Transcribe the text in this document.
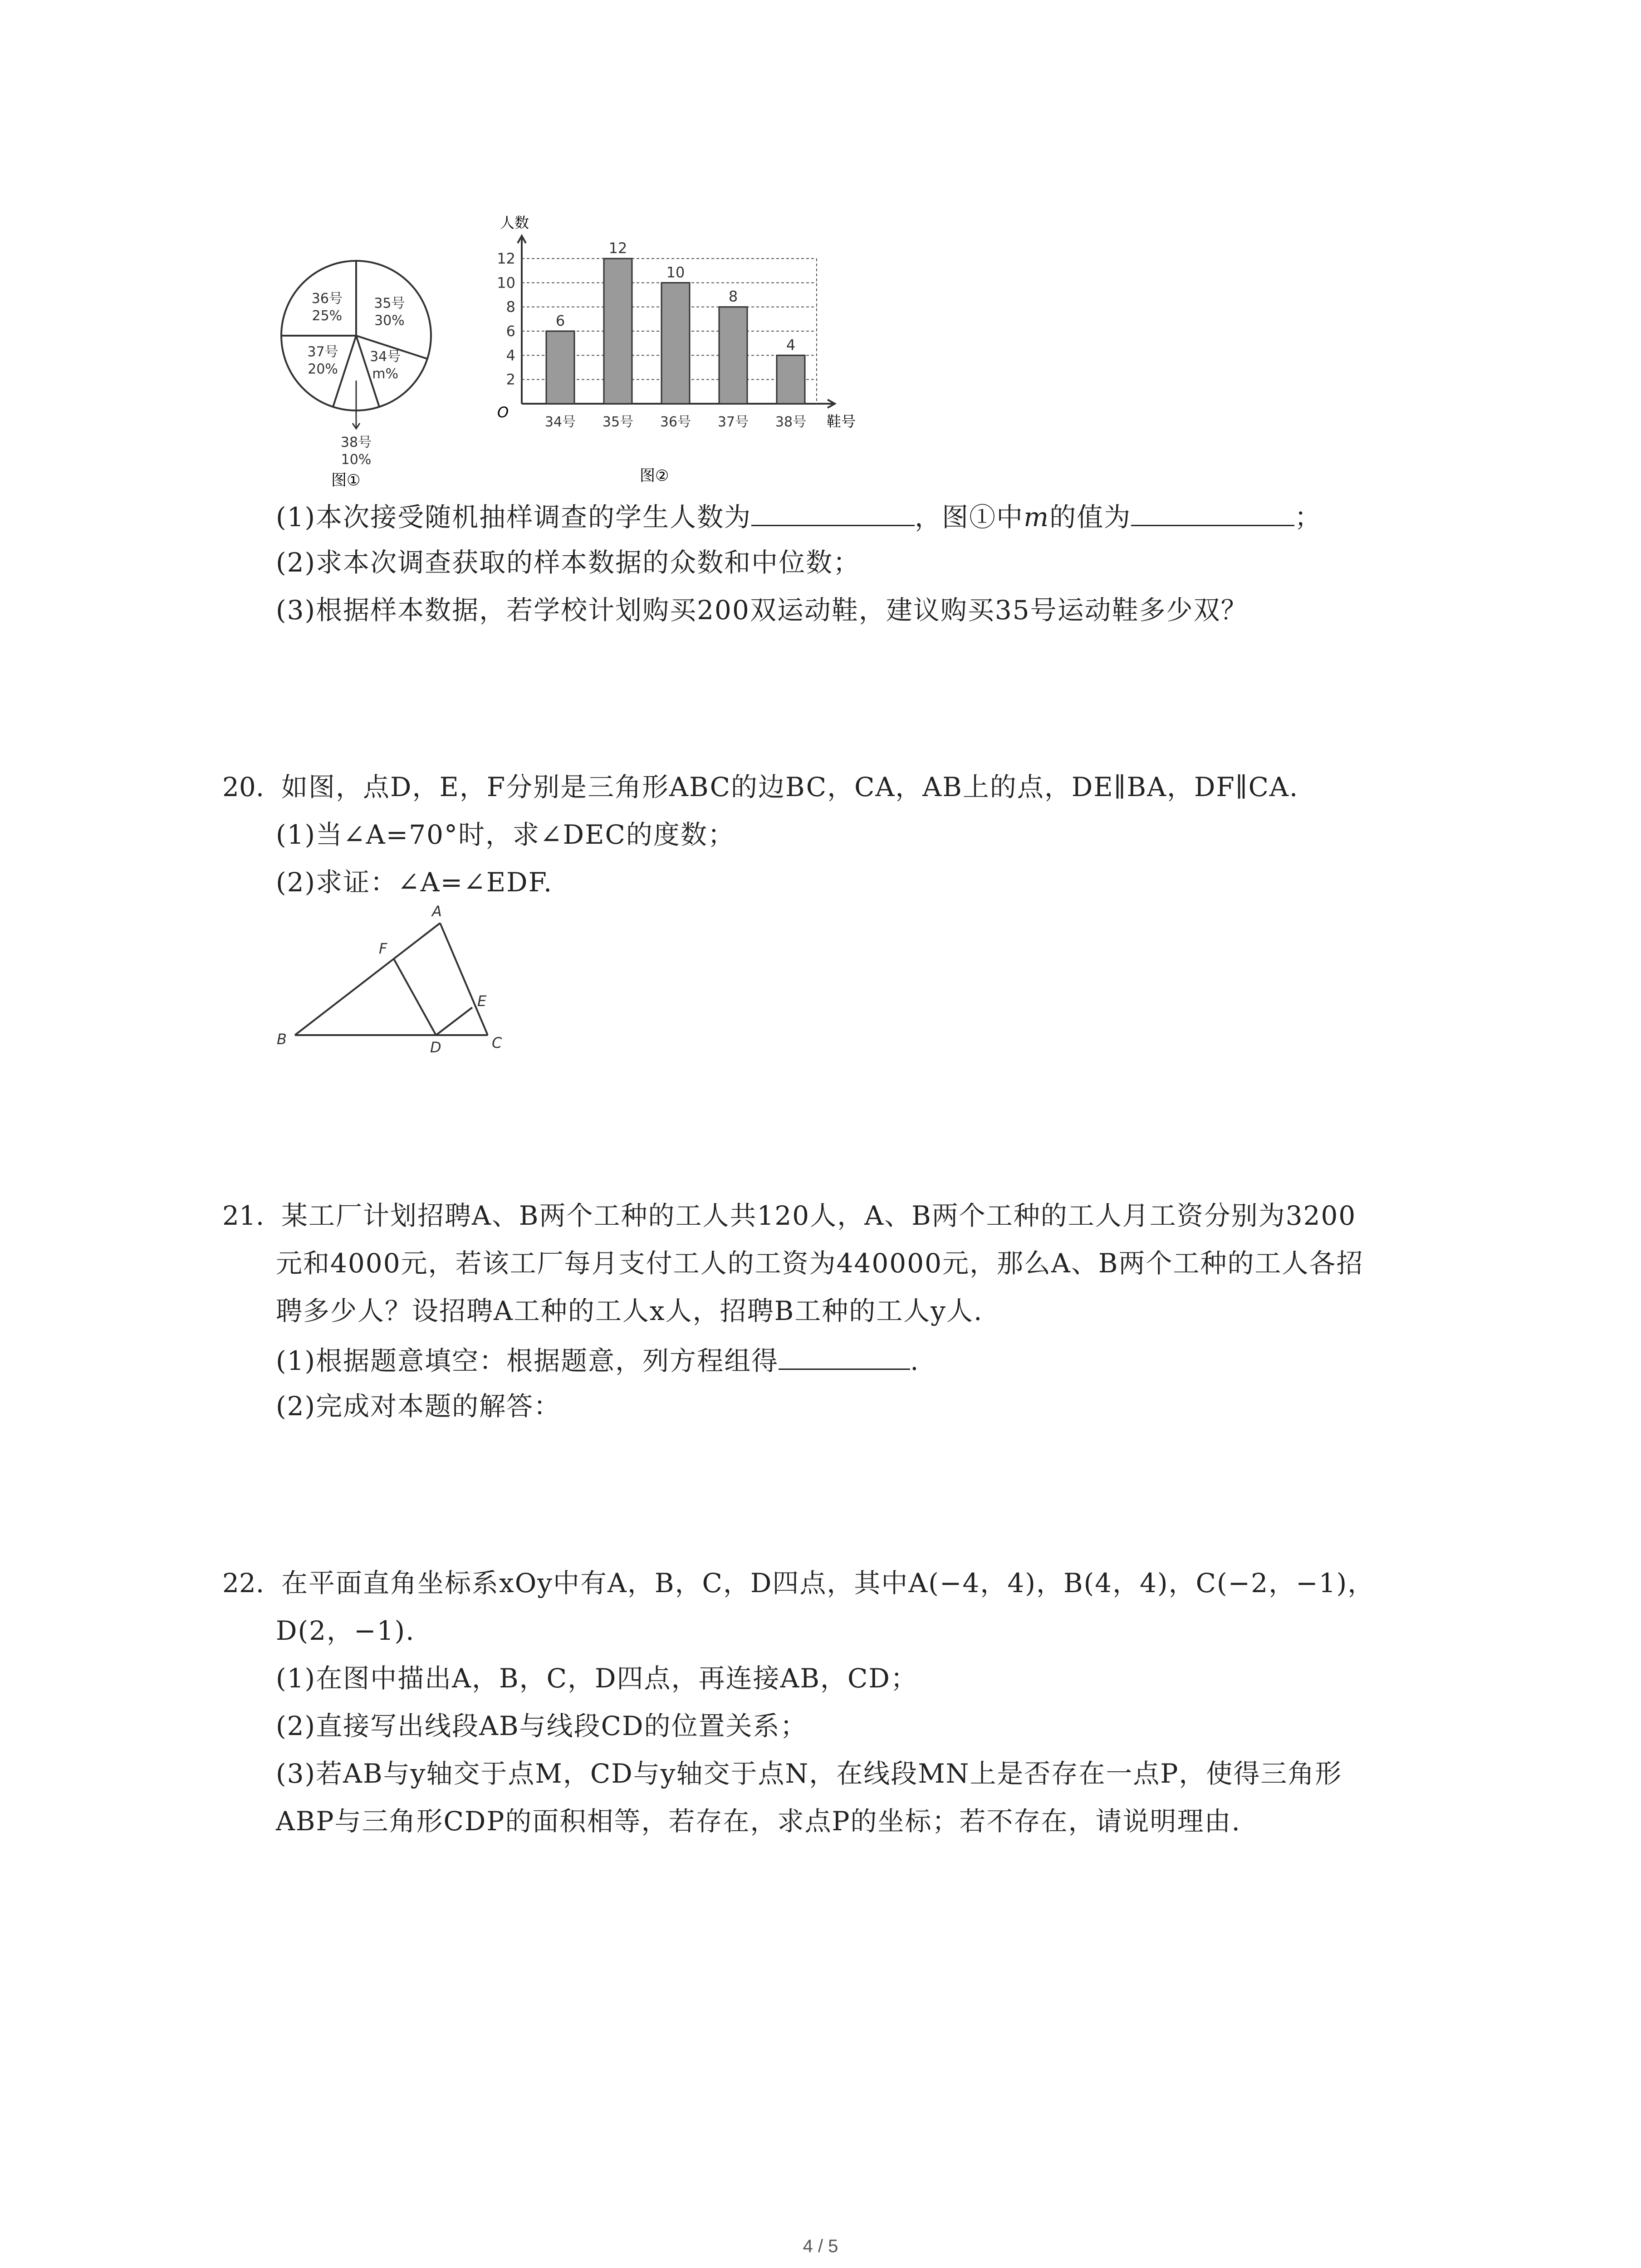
36号
25%
35号
30%
34号
m%
38号
10%
37号
20%
图①
2
4
6
8
10
12
6
34号
12
35号
10
36号
8
37号
4
38号
人数
鞋号
O
图②
(1)本次接受随机抽样调查的学生人数为	，图①中m的值为	；
(2)求本次调查获取的样本数据的众数和中位数；
(3)根据样本数据，若学校计划购买200双运动鞋，建议购买35号运动鞋多少双？
20. 如图，点D，E，F分别是三角形ABC的边BC，CA，AB上的点，DE∥BA，DF∥CA.
(1)当∠A=70°时，求∠DEC的度数；
(2)求证：∠A=∠EDF.
A
B	C
D
E
F
21. 某工厂计划招聘A、B两个工种的工人共120人，A、B两个工种的工人月工资分别为3200
元和4000元，若该工厂每月支付工人的工资为440000元，那么A、B两个工种的工人各招
聘多少人？设招聘A工种的工人x人，招聘B工种的工人y人.
(1)根据题意填空：根据题意，列方程组得	.
(2)完成对本题的解答：
22. 在平面直角坐标系xOy中有A，B，C，D四点，其中A(−4，4)，B(4，4)，C(−2，−1)，
D(2，−1).
(1)在图中描出A，B，C，D四点，再连接AB，CD；
(2)直接写出线段AB与线段CD的位置关系；
(3)若AB与y轴交于点M，CD与y轴交于点N，在线段MN上是否存在一点P，使得三角形
ABP与三角形CDP的面积相等，若存在，求点P的坐标；若不存在，请说明理由.
4 / 5
